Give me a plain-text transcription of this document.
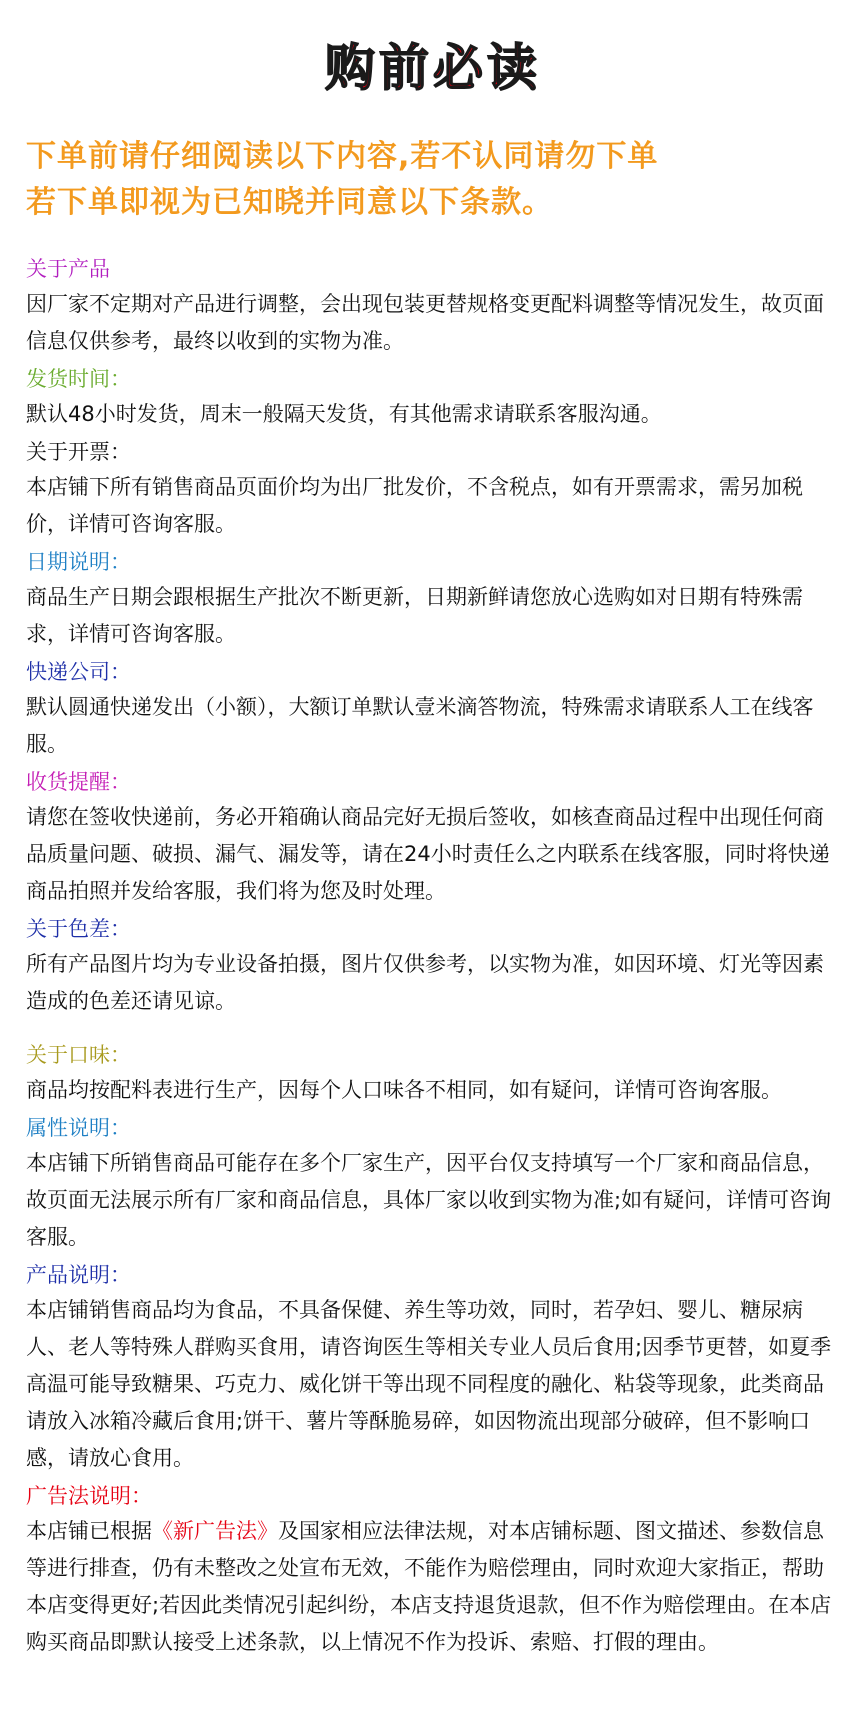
购前必读
下单前请仔细阅读以下内容,若不认同请勿下单
若下单即视为已知晓并同意以下条款。
关于产品
因厂家不定期对产品进行调整，会出现包装更替规格变更配料调整等情况发生，故页面信息仅供参考，最终以收到的实物为准。
发货时间：
默认48小时发货，周末一般隔天发货，有其他需求请联系客服沟通。
关于开票：
本店铺下所有销售商品页面价均为出厂批发价，不含税点，如有开票需求，需另加税价，详情可咨询客服。
日期说明：
商品生产日期会跟根据生产批次不断更新，日期新鲜请您放心选购如对日期有特殊需求，详情可咨询客服。
快递公司：
默认圆通快递发出（小额），大额订单默认壹米滴答物流，特殊需求请联系人工在线客服。
收货提醒：
请您在签收快递前，务必开箱确认商品完好无损后签收，如核查商品过程中出现任何商品质量问题、破损、漏气、漏发等，请在24小时责任么之内联系在线客服，同时将快递商品拍照并发给客服，我们将为您及时处理。
关于色差：
所有产品图片均为专业设备拍摄，图片仅供参考，以实物为准，如因环境、灯光等因素造成的色差还请见谅。
关于口味：
商品均按配料表进行生产，因每个人口味各不相同，如有疑问，详情可咨询客服。
属性说明：
本店铺下所销售商品可能存在多个厂家生产，因平台仅支持填写一个厂家和商品信息，故页面无法展示所有厂家和商品信息，具体厂家以收到实物为准;如有疑问，详情可咨询客服。
产品说明：
本店铺销售商品均为食品，不具备保健、养生等功效，同时，若孕妇、婴儿、糖尿病人、老人等特殊人群购买食用，请咨询医生等相关专业人员后食用;因季节更替，如夏季高温可能导致糖果、巧克力、威化饼干等出现不同程度的融化、粘袋等现象，此类商品请放入冰箱冷藏后食用;饼干、薯片等酥脆易碎，如因物流出现部分破碎，但不影响口感，请放心食用。
广告法说明：
本店铺已根据《新广告法》及国家相应法律法规，对本店铺标题、图文描述、参数信息等进行排查，仍有未整改之处宣布无效，不能作为赔偿理由，同时欢迎大家指正，帮助本店变得更好;若因此类情况引起纠纷，本店支持退货退款，但不作为赔偿理由。在本店购买商品即默认接受上述条款，以上情况不作为投诉、索赔、打假的理由。
